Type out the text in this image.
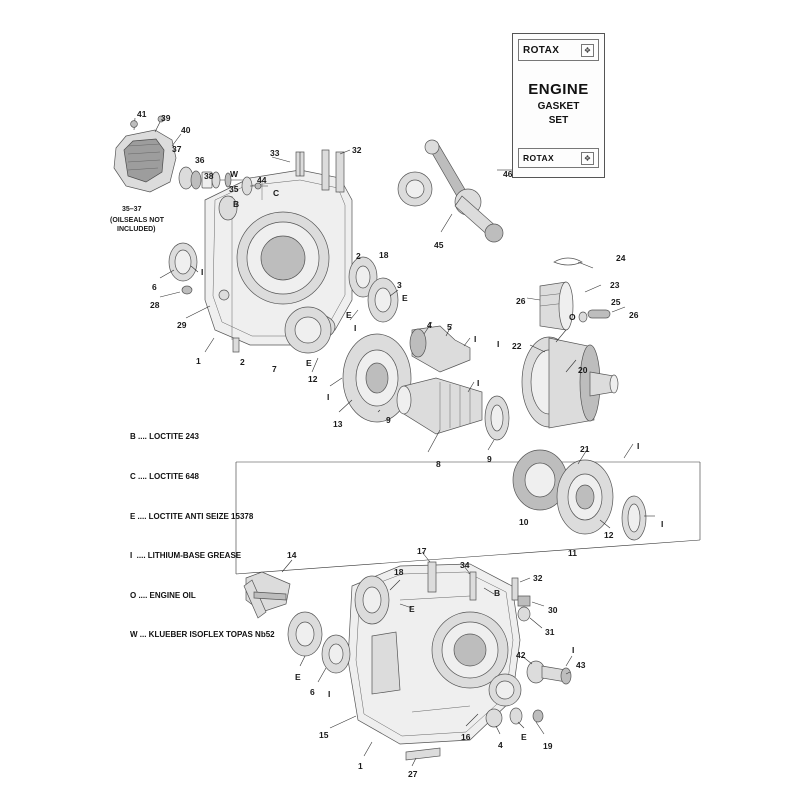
ROTAX	❖
ENGINE
GASKET
SET
ROTAX	❖

B .... LOCTITE 243

C .... LOCTITE 648

E .... LOCTITE ANTI SEIZE 15378

I  .... LITHIUM-BASE GREASE

O .... ENGINE OIL

W ... KLUEBER ISOFLEX TOPAS Nb52

35–37
(OILSEALS NOT
INCLUDED)
41 39
40
37
36
38
35
W
B
44
C
33	32
46
45
6
I
28
29
1	2
7
E
12
I
13
2 18
3
E
E
I
9
4 5
I
I
8	9
10
11
12
I
I
21
20
22
I
O
26
26
25
23
24
14	17
18
34
B
32
30
31
E
E
6 I
42	I
43
15
1
27
16
4
E
19
